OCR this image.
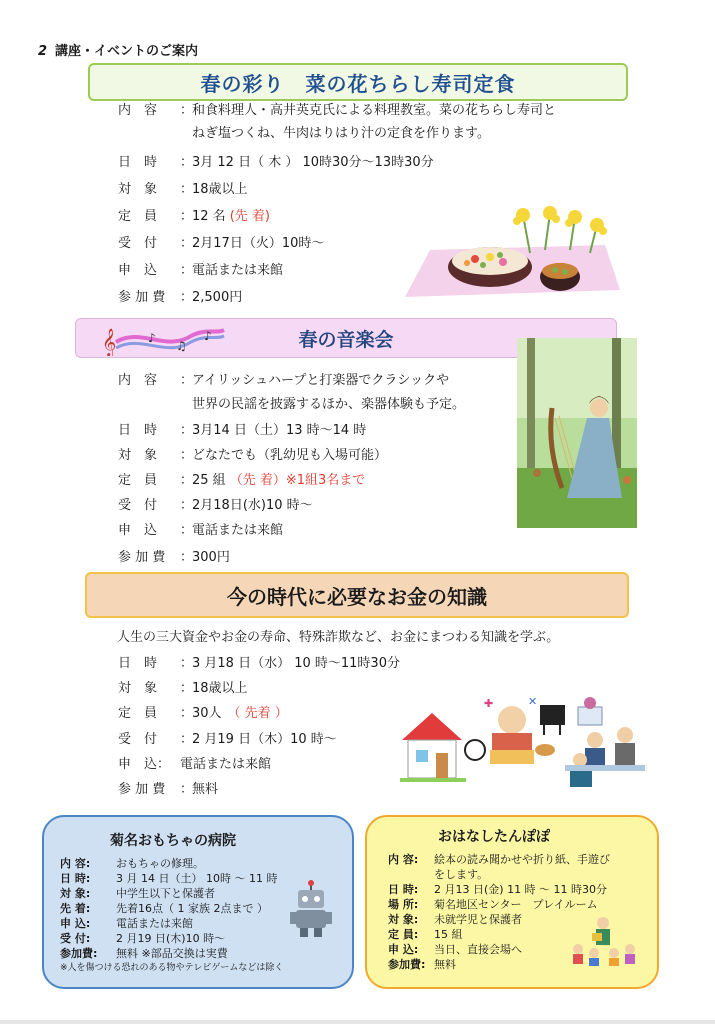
2 講座・イベントのご案内
春の彩り　菜の花ちらし寿司定食
内　容	：
和食料理人・高井英克氏による料理教室。菜の花ちらし寿司と
ねぎ塩つくね、牛肉はりはり汁の定食を作ります。
日　時	：
3月 12 日（ 木 ） 10時30分～13時30分
対　象	：
18歳以上
定　員	：
12 名 (先 着)
受　付	：
2月17日（火）10時～
申　込	：
電話または来館
参 加 費	：
2,500円
春の音楽会
𝄞	♪
♫
♪
内　容	：
アイリッシュハープと打楽器でクラシックや
世界の民謡を披露するほか、楽器体験も予定。
日　時	：
3月14 日（土）13 時～14 時
対　象	：
どなたでも（乳幼児も入場可能）
定　員	：
25 組 （先 着）※1組3名まで
受　付	：
2月18日(水)10 時～
申　込	：
電話または来館
参 加 費	：
300円
今の時代に必要なお金の知識
人生の三大資金やお金の寿命、特殊詐欺など、お金にまつわる知識を学ぶ。
日　時	：
3 月18 日（水） 10 時～11時30分
対　象	：
18歳以上
定　員	：
30人 （ 先着 ）
受　付	：
2 月19 日（木）10 時～
申　込： 電話または来館
参 加 費	：
無料
✚	✕
菊名おもちゃの病院
内 容:	おもちゃの修理。
日 時:	3 月 14 日（土） 10時 ～ 11 時
対 象:	中学生以下と保護者
先 着:	先着16点（ 1 家族 2点まで ）
申 込:	電話または来館
受 付:	2 月19 日(木)10 時～
参加費:	無料 ※部品交換は実費
※人を傷つける恐れのある物やテレビゲームなどは除く
おはなしたんぽぽ
内 容:	絵本の読み聞かせや折り紙、手遊び
をします。
日 時:	2 月13 日(金) 11 時 ～ 11 時30分
場 所:	菊名地区センター　プレイルーム
対 象:	未就学児と保護者
定 員:	15 組
申 込:	当日、直接会場へ
参加費: 無料
